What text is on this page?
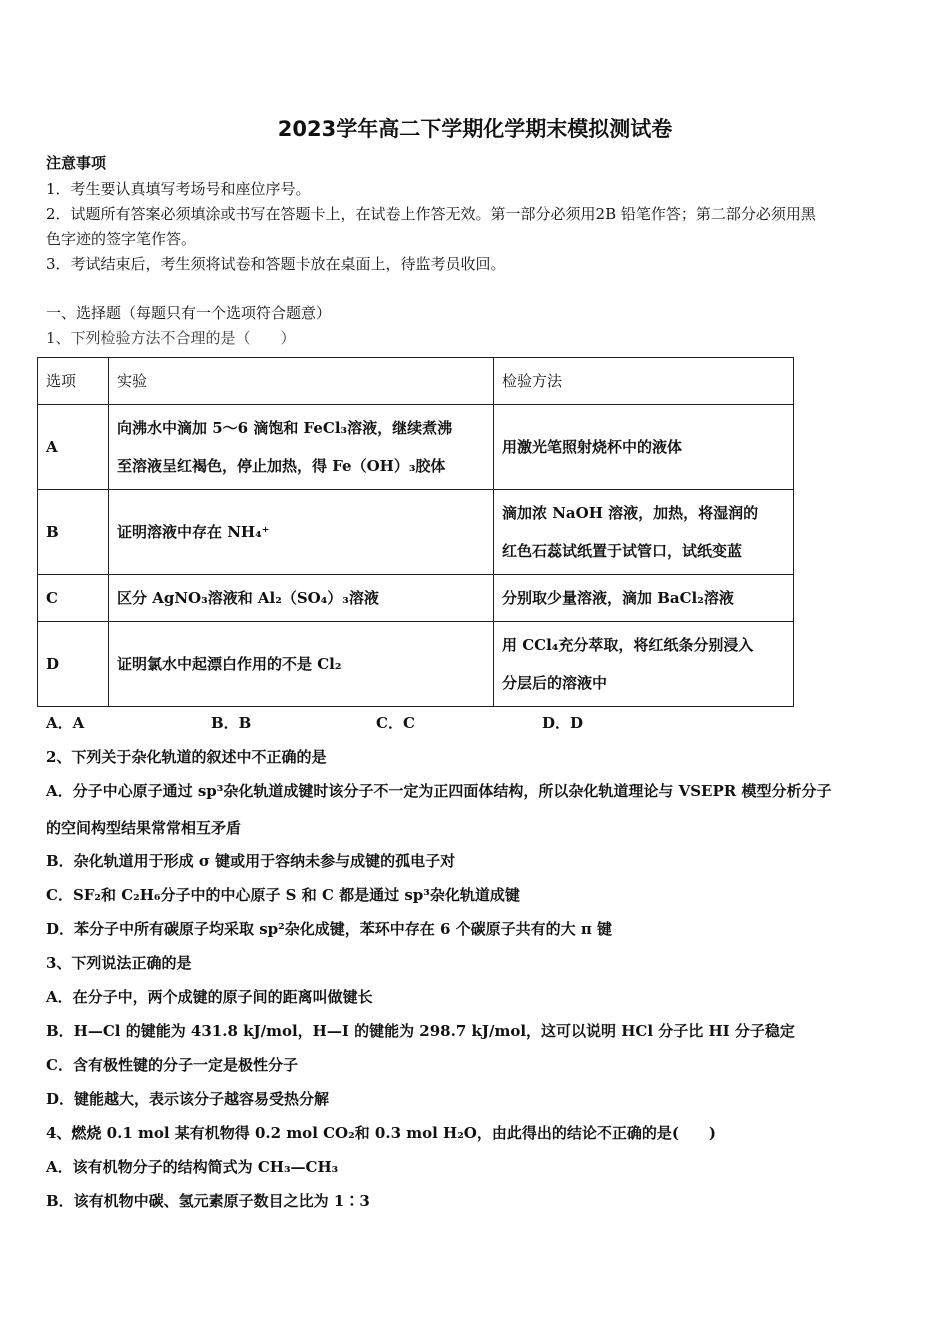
2023学年高二下学期化学期末模拟测试卷
注意事项
1．考生要认真填写考场号和座位序号。
2．试题所有答案必须填涂或书写在答题卡上，在试卷上作答无效。第一部分必须用2B 铅笔作答；第二部分必须用黑
色字迹的签字笔作答。
3．考试结束后，考生须将试卷和答题卡放在桌面上，待监考员收回。
一、选择题（每题只有一个选项符合题意）
1、下列检验方法不合理的是（　　）
选项	实验	检验方法
A	向沸水中滴加 5～6 滴饱和 FeCl₃溶液，继续煮沸
至溶液呈红褐色，停止加热，得 Fe（OH）₃胶体	用激光笔照射烧杯中的液体

B	证明溶液中存在 NH₄⁺	滴加浓 NaOH 溶液，加热，将湿润的
红色石蕊试纸置于试管口，试纸变蓝

C	区分 AgNO₃溶液和 Al₂（SO₄）₃溶液	分别取少量溶液，滴加 BaCl₂溶液

D	证明氯水中起漂白作用的不是 Cl₂	用 CCl₄充分萃取，将红纸条分别浸入
分层后的溶液中
A．A	B．B	C．C	D．D
2、下列关于杂化轨道的叙述中不正确的是
A．分子中心原子通过 sp³杂化轨道成键时该分子不一定为正四面体结构，所以杂化轨道理论与 VSEPR 模型分析分子
的空间构型结果常常相互矛盾
B．杂化轨道用于形成 σ 键或用于容纳未参与成键的孤电子对
C．SF₂和 C₂H₆分子中的中心原子 S 和 C 都是通过 sp³杂化轨道成键
D．苯分子中所有碳原子均采取 sp²杂化成键，苯环中存在 6 个碳原子共有的大 π 键
3、下列说法正确的是
A．在分子中，两个成键的原子间的距离叫做键长
B．H—Cl 的键能为 431.8 kJ/mol，H—I 的键能为 298.7 kJ/mol，这可以说明 HCl 分子比 HI 分子稳定
C．含有极性键的分子一定是极性分子
D．键能越大，表示该分子越容易受热分解
4、燃烧 0.1 mol 某有机物得 0.2 mol CO₂和 0.3 mol H₂O，由此得出的结论不正确的是(　　)
A．该有机物分子的结构简式为 CH₃—CH₃
B．该有机物中碳、氢元素原子数目之比为 1∶3
